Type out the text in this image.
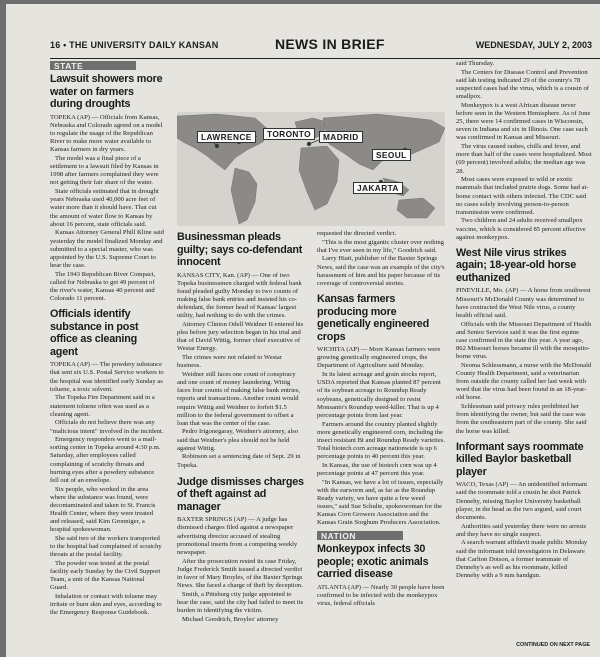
16 • THE UNIVERSITY DAILY KANSAN	NEWS IN BRIEF	WEDNESDAY, JULY 2, 2003
STATE
Lawsuit showers more water on farmers during droughts

TOPEKA (AP) — Officials from Kansas, Nebraska and Colorado agreed on a model to regulate the usage of the Republican River to make more water available to Kansas farmers in dry years.

The model was a final piece of a settlement to a lawsuit filed by Kansas in 1998 after farmers complained they were not getting their fair share of the water.

State officials estimated that in drought years Nebraska used 40,000 acre feet of water more than it should have. That cut the amount of water flow to Kansas by about 16 percent, state officials said.

Kansas Attorney General Phill Kline said yesterday the model finalized Monday and submitted to a special master, who was appointed by the U.S. Supreme Court to hear the case.

The 1943 Republican River Compact, called for Nebraska to get 49 percent of the river's water, Kansas 40 percent and Colorado 11 percent.

Officials identify substance in post office as cleaning agent

TOPEKA (AP) — The powdery substance that sent six U.S. Postal Service workers to the hospital was identified early Sunday as toluene, a toxic solvent.

The Topeka Fire Department said in a statement toluene often was used as a cleaning agent.

Officials do not believe there was any "malicious intent" involved in the incident.

Emergency responders went to a mail-sorting center in Topeka around 4:30 p.m. Saturday, after employees called complaining of scratchy throats and burning eyes after a powdery substance fell out of an envelope.

Six people, who worked in the area where the substance was found, were decontaminated and taken to St. Francis Health Center, where they were treated and released, said Kim Gronniger, a hospital spokeswoman.

She said two of the workers transported to the hospital had complained of scratchy throats at the postal facility.

The powder was tested at the postal facility early Sunday by the Civil Support Team, a unit of the Kansas National Guard.

Inhalation or contact with toluene may irritate or burn skin and eyes, according to the Emergency Response Guidebook.

LAWRENCE	TORONTO	MADRID
SEOUL
JAKARTA
Businessman pleads guilty; says co-defendant innocent

KANSAS CITY, Kan. (AP) — One of two Topeka businessmen charged with federal bank fraud pleaded guilty Monday to two counts of making false bank entries and insisted his co-defendant, the former head of Kansas' largest utility, had nothing to do with the crimes.

Attorney Clinton Odell Weidner II entered his plea before jury selection began in his trial and that of David Wittig, former chief executive of Westar Energy.

The crimes were not related to Westar business.

Weidner still faces one count of conspiracy and one count of money laundering. Wittig faces four counts of making false bank entries, reports and transactions. Another count would require Wittig and Weidner to forfeit $1.5 million to the federal government to offset a loan that was the center of the case.

Pedro Irigonegaray, Weidner's attorney, also said that Weidner's plea should not be held against Wittig.

Robinson set a sentencing date of Sept. 29 in Topeka.

Judge dismisses charges of theft against ad manager

BAXTER SPRINGS (AP) — A judge has dismissed charges filed against a newspaper advertising director accused of stealing promotional inserts from a competing weekly newspaper.

After the prosecution rested its case Friday, Judge Frederick Smith issued a directed verdict in favor of Mary Broyles, of the Baxter Springs News. She faced a charge of theft by deception.

Smith, a Pittsburg city judge appointed to hear the case, said the city had failed to meet its burden in identifying the victim.

Michael Goodrich, Broyles' attorney

requested the directed verdict.

"This is the most gigantic cluster over nothing that I've ever seen in my life," Goodrich said.

Larry Hiatt, publisher of the Baxter Springs News, said the case was an example of the city's harassment of him and his paper because of its coverage of controversial stories.

Kansas farmers producing more genetically engineered crops

WICHITA (AP) — More Kansas farmers were growing genetically engineered crops, the Department of Agriculture said Monday.

In its latest acreage and grain stocks report, USDA reported that Kansas planted 87 percent of its soybean acreage to Roundup Ready soybeans, genetically designed to resist Monsanto's Roundup weed-killer. That is up 4 percentage points from last year.

Farmers around the country planted slightly more genetically engineered corn, including the insect resistant Bt and Roundup Ready varieties. Total biotech corn acreage nationwide is up 6 percentage points to 40 percent this year.

In Kansas, the use of biotech corn was up 4 percentage points at 47 percent this year.

"In Kansas, we have a lot of issues, especially with the earworm and, as far as the Roundup Ready variety, we have quite a few weed issues," said Sue Schulte, spokeswoman for the Kansas Corn Growers Association and the Kansas Grain Sorghum Producers Association.

NATION
Monkeypox infects 30 people; exotic animals carried disease

ATLANTA (AP) — Nearly 30 people have been confirmed to be infected with the monkeypox virus, federal officials

said Thursday.

The Centers for Disease Control and Prevention said lab testing indicated 29 of the country's 78 suspected cases had the virus, which is a cousin of smallpox.

Monkeypox is a west African disease never before seen in the Western Hemisphere. As of June 25, there were 14 confirmed cases in Wisconsin, seven in Indiana and six in Illinois. One case each was confirmed in Kansas and Missouri.

The virus caused rashes, chills and fever, and more than half of the cases were hospitalized. Most (69 percent) involved adults; the median age was 28.

Most cases were exposed to wild or exotic mammals that included prairie dogs. Some had at-home contact with others infected. The CDC said no cases solely involving person-to-person transmission were confirmed.

Two children and 24 adults received smallpox vaccine, which is considered 85 percent effective against monkeypox.

West Nile virus strikes again; 18-year-old horse euthanized

PINEVILLE, Mo. (AP) — A horse from southwest Missouri's McDonald County was determined to have contracted the West Nile virus, a county health official said.

Officials with the Missouri Department of Health and Senior Services said it was the first equine case confirmed in the state this year. A year ago, 862 Missouri horses became ill with the mosquito-borne virus.

Neoma Schlessmann, a nurse with the McDonald County Health Department, said a veterinarian from outside the county called her last week with word that the virus had been found in an 18-year-old horse.

Schlessman said privacy rules prohibited her from identifying the owner, but said the case was from the southeastern part of the county. She said the horse was killed.

Informant says roommate killed Baylor basketball player

WACO, Texas (AP) — An unidentified informant said the roommate told a cousin he shot Patrick Dennehy, missing Baylor University basketball player, in the head as the two argued, said court documents.

Authorities said yesterday there were no arrests and they have no single suspect.

A search warrant affidavit made public Monday said the informant told investigators in Delaware that Carlton Dotson, a former teammate of Dennehy's as well as his roommate, killed Dennehy with a 9 mm handgun.

CONTINUED ON NEXT PAGE
